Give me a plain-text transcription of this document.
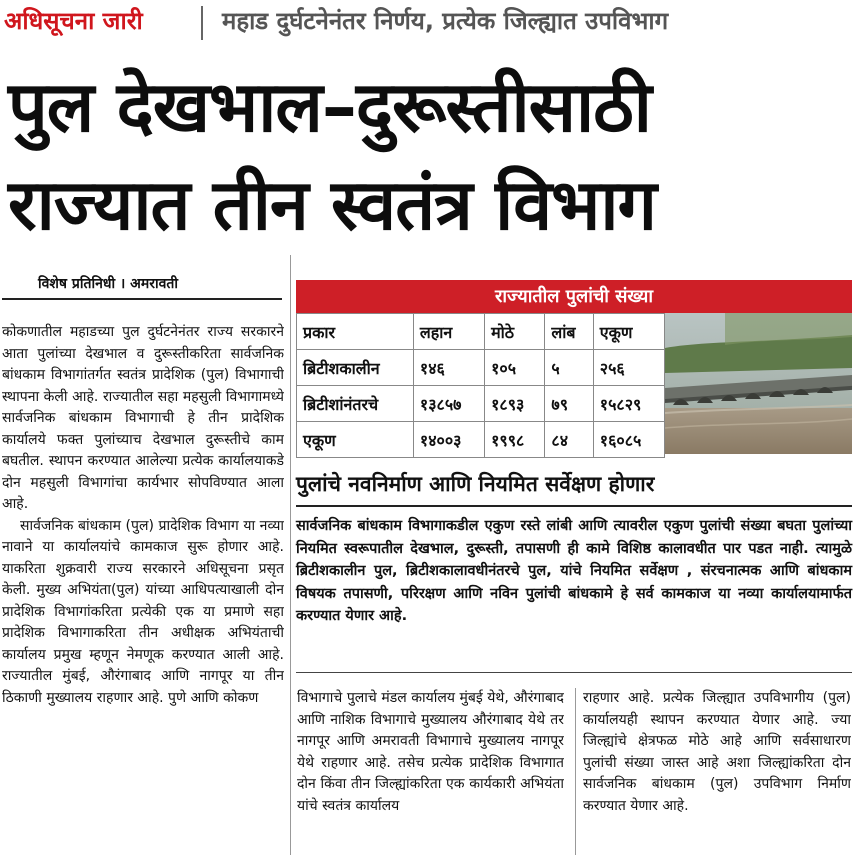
अधिसूचना जारी	महाड दुर्घटनेनंतर निर्णय, प्रत्येक जिल्ह्यात उपविभाग
पुल देखभाल–दुरूस्तीसाठी
राज्यात तीन स्वतंत्र विभाग
विशेष प्रतिनिधी । अमरावती

कोकणातील महाडच्या पुल दुर्घटनेनंतर राज्य सरकारने आता पुलांच्या देखभाल व दुरूस्तीकरिता सार्वजनिक बांधकाम विभागांतर्गत स्वतंत्र प्रादेशिक (पुल) विभागाची स्थापना केली आहे. राज्यातील सहा महसुली विभागामध्ये सार्वजनिक बांधकाम विभागाची हे तीन प्रादेशिक कार्यालये फक्त पुलांच्याच देखभाल दुरूस्तीचे काम बघतील. स्थापन करण्यात आलेल्या प्रत्येक कार्यालयाकडे दोन महसुली विभागांचा कार्यभार सोपविण्यात आला आहे.

सार्वजनिक बांधकाम (पुल) प्रादेशिक विभाग या नव्या नावाने या कार्यालयांचे कामकाज सुरू होणार आहे. याकरिता शुक्रवारी राज्य सरकारने अधिसूचना प्रसृत केली. मुख्य अभियंता(पुल) यांच्या आधिपत्याखाली दोन प्रादेशिक विभागांकरिता प्रत्येकी एक या प्रमाणे सहा प्रादेशिक विभागाकरिता तीन अधीक्षक अभियंताची कार्यालय प्रमुख म्हणून नेमणूक करण्यात आली आहे. राज्यातील मुंबई, औरंगाबाद आणि नागपूर या तीन ठिकाणी मुख्यालय राहणार आहे. पुणे आणि कोकण

राज्यातील पुलांची संख्या
प्रकार	लहान	मोठे	लांब	एकूण
ब्रिटीशकालीन	१४६	१०५	५	२५६
ब्रिटीशांनंतरचे	१३८५७	१८९३	७९	१५८२९
एकूण	१४००३	१९९८	८४	१६०८५
पुलांचे नवनिर्माण आणि नियमित सर्वेक्षण होणार
सार्वजनिक बांधकाम विभागाकडील एकुण रस्ते लांबी आणि त्यावरील एकुण पुलांची संख्या बघता पुलांच्या नियमित स्वरूपातील देखभाल, दुरूस्ती, तपासणी ही कामे विशिष्ठ कालावधीत पार पडत नाही. त्यामुळे ब्रिटीशकालीन पुल, ब्रिटीशकालावधीनंतरचे पुल, यांचे नियमित सर्वेक्षण , संरचनात्मक आणि बांधकाम विषयक तपासणी, परिरक्षण आणि नविन पुलांची बांधकामे हे सर्व कामकाज या नव्या कार्यालयामार्फत करण्यात येणार आहे.

विभागाचे पुलाचे मंडल कार्यालय मुंबई येथे, औरंगाबाद आणि नाशिक विभागाचे मुख्यालय औरंगाबाद येथे तर नागपूर आणि अमरावती विभागाचे मुख्यालय नागपूर येथे राहणार आहे. तसेच प्रत्येक प्रादेशिक विभागात दोन किंवा तीन जिल्ह्यांकरिता एक कार्यकारी अभियंता यांचे स्वतंत्र कार्यालय

राहणार आहे. प्रत्येक जिल्ह्यात उपविभागीय (पुल) कार्यालयही स्थापन करण्यात येणार आहे. ज्या जिल्ह्यांचे क्षेत्रफळ मोठे आहे आणि सर्वसाधारण पुलांची संख्या जास्त आहे अशा जिल्ह्यांकरिता दोन सार्वजनिक बांधकाम (पुल) उपविभाग निर्माण करण्यात येणार आहे.
